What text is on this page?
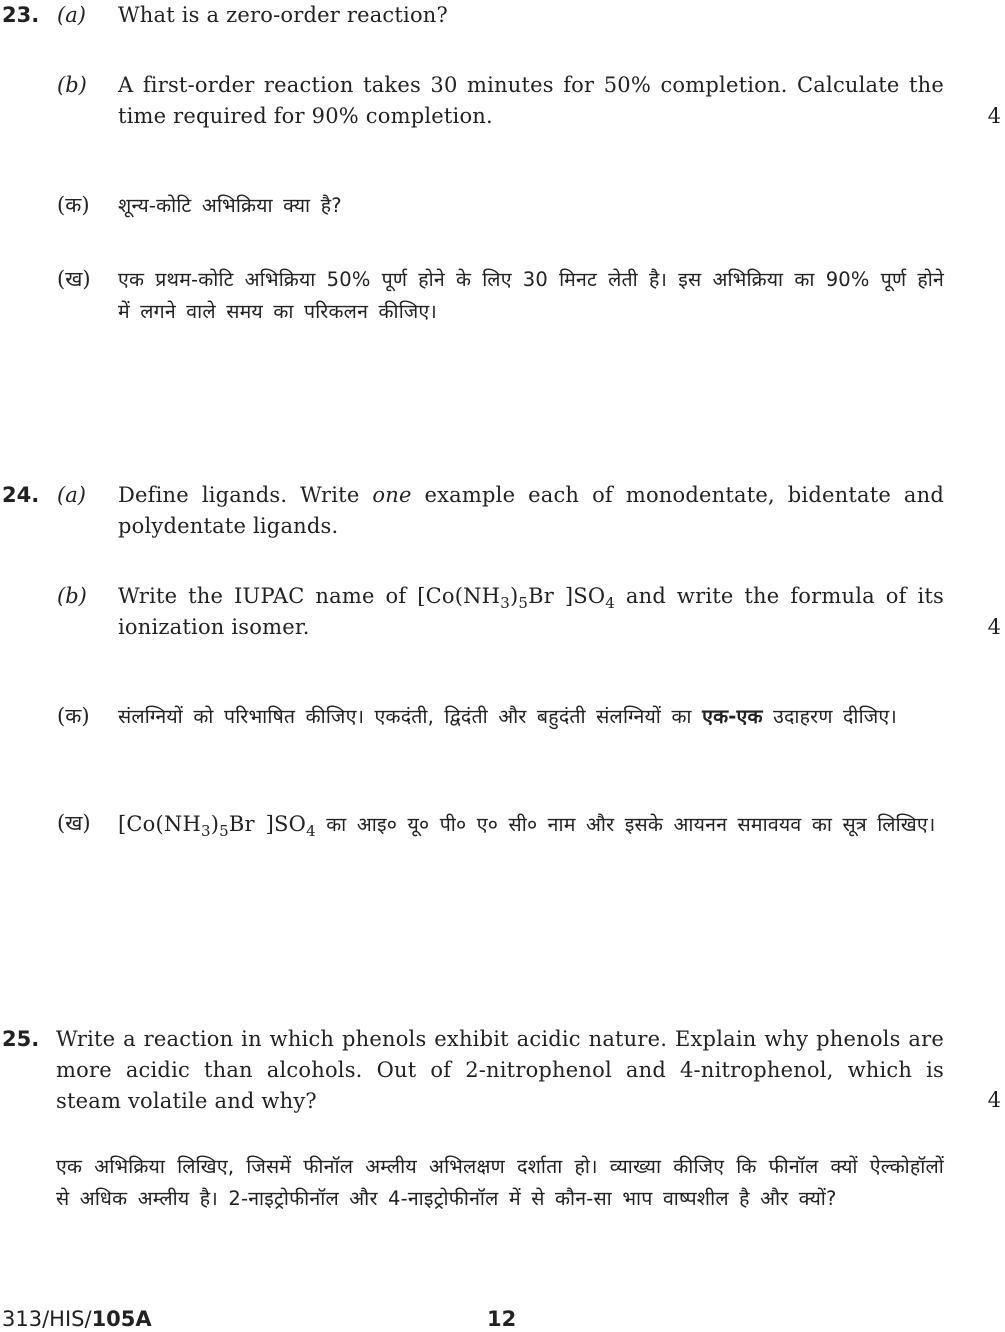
23. (a) What is a zero-order reaction?
(b) A first-order reaction takes 30 minutes for 50% completion. Calculate the time required for 90% completion.	4
(क) शून्य-कोटि अभिक्रिया क्या है?
(ख) एक प्रथम-कोटि अभिक्रिया 50% पूर्ण होने के लिए 30 मिनट लेती है। इस अभिक्रिया का 90% पूर्ण होने में लगने वाले समय का परिकलन कीजिए।
24. (a) Define ligands. Write one example each of monodentate, bidentate and polydentate ligands.
(b) Write the IUPAC name of [$Co(NH_3)_5Br$ ]$SO_4$ and write the formula of its ionization isomer.	4
(क) संलग्नियों को परिभाषित कीजिए। एकदंती, द्विदंती और बहुदंती संलग्नियों का एक-एक उदाहरण दीजिए।
(ख) [$Co(NH_3)_5Br$ ]$SO_4$ का आइ० यू० पी० ए० सी० नाम और इसके आयनन समावयव का सूत्र लिखिए।
25. Write a reaction in which phenols exhibit acidic nature. Explain why phenols are more acidic than alcohols. Out of 2-nitrophenol and 4-nitrophenol, which is steam volatile and why?	4
एक अभिक्रिया लिखिए, जिसमें फीनॉल अम्लीय अभिलक्षण दर्शाता हो। व्याख्या कीजिए कि फीनॉल क्यों ऐल्कोहॉलों से अधिक अम्लीय है। 2-नाइट्रोफीनॉल और 4-नाइट्रोफीनॉल में से कौन-सा भाप वाष्पशील है और क्यों?
313/HIS/105A	12
